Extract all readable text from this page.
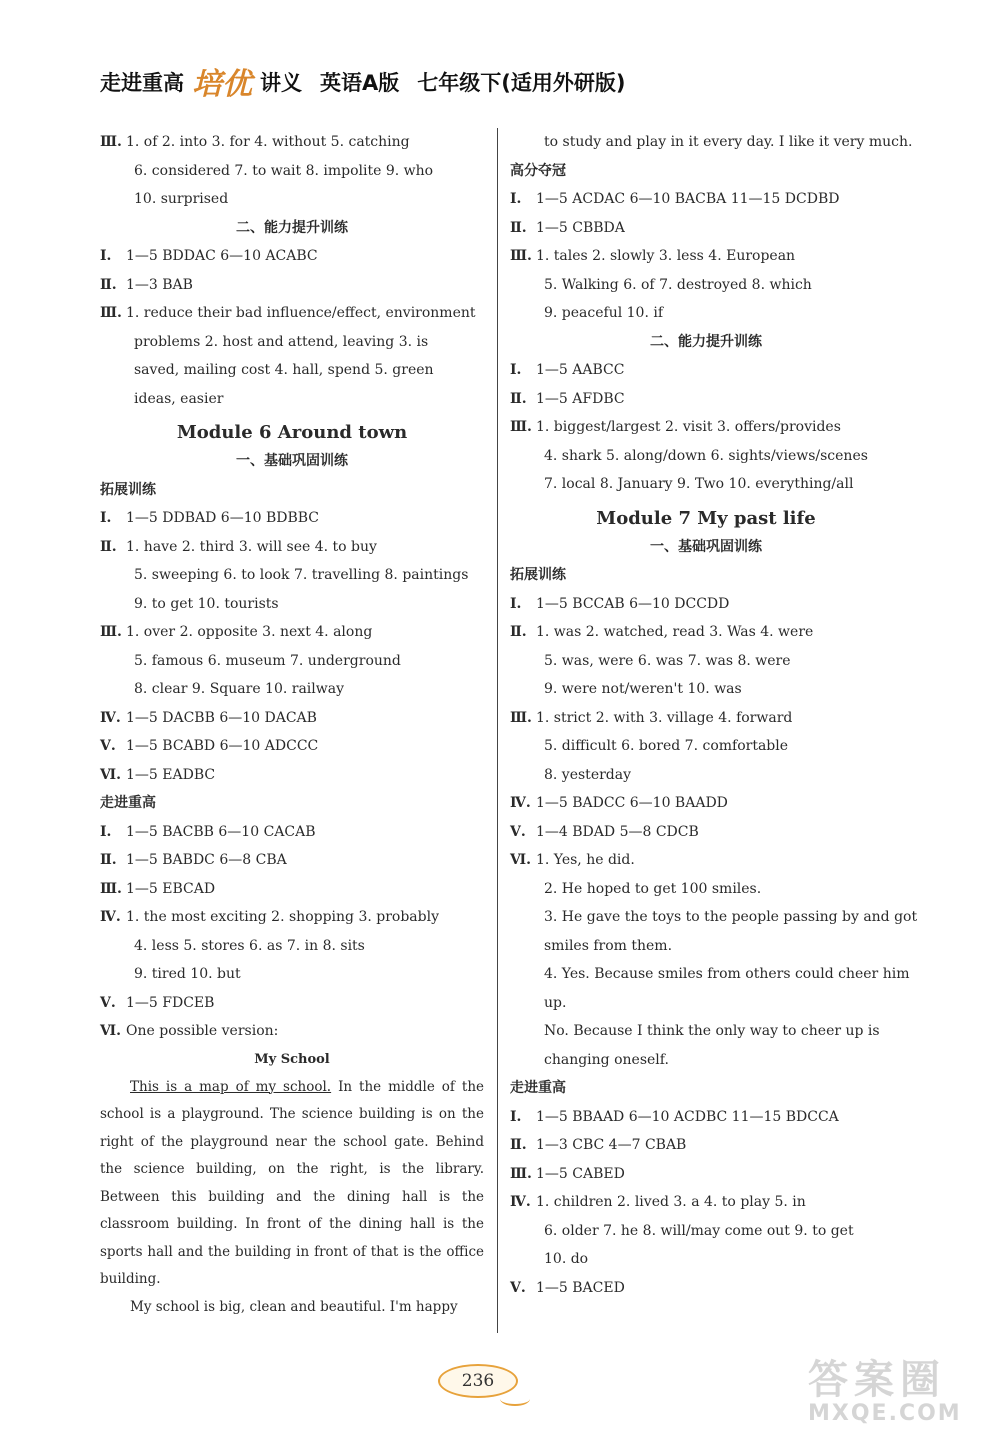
走进重高 培优 讲义 英语A版 七年级下(适用外研版)
Ⅲ. 1. of 2. into 3. for 4. without 5. catching
6. considered 7. to wait 8. impolite 9. who
10. surprised
二、能力提升训练
Ⅰ. 1—5 BDDAC 6—10 ACABC
Ⅱ. 1—3 BAB
Ⅲ. 1. reduce their bad influence/effect, environment
problems 2. host and attend, leaving 3. is
saved, mailing cost 4. hall, spend 5. green
ideas, easier
Module 6 Around town
一、基础巩固训练
拓展训练
Ⅰ. 1—5 DDBAD 6—10 BDBBC
Ⅱ. 1. have 2. third 3. will see 4. to buy
5. sweeping 6. to look 7. travelling 8. paintings
9. to get 10. tourists
Ⅲ. 1. over 2. opposite 3. next 4. along
5. famous 6. museum 7. underground
8. clear 9. Square 10. railway
Ⅳ. 1—5 DACBB 6—10 DACAB
Ⅴ. 1—5 BCABD 6—10 ADCCC
Ⅵ. 1—5 EADBC
走进重高
Ⅰ. 1—5 BACBB 6—10 CACAB
Ⅱ. 1—5 BABDC 6—8 CBA
Ⅲ. 1—5 EBCAD
Ⅳ. 1. the most exciting 2. shopping 3. probably
4. less 5. stores 6. as 7. in 8. sits
9. tired 10. but
Ⅴ. 1—5 FDCEB
Ⅵ. One possible version:
My School
This is a map of my school. In the middle of the school is a playground. The science building is on the right of the playground near the school gate. Behind the science building, on the right, is the library. Between this building and the dining hall is the classroom building. In front of the dining hall is the sports hall and the building in front of that is the office building.
My school is big, clean and beautiful. I'm happy
to study and play in it every day. I like it very much.
高分夺冠
Ⅰ. 1—5 ACDAC 6—10 BACBA 11—15 DCDBD
Ⅱ. 1—5 CBBDA
Ⅲ. 1. tales 2. slowly 3. less 4. European
5. Walking 6. of 7. destroyed 8. which
9. peaceful 10. if
二、能力提升训练
Ⅰ. 1—5 AABCC
Ⅱ. 1—5 AFDBC
Ⅲ. 1. biggest/largest 2. visit 3. offers/provides
4. shark 5. along/down 6. sights/views/scenes
7. local 8. January 9. Two 10. everything/all
Module 7 My past life
一、基础巩固训练
拓展训练
Ⅰ. 1—5 BCCAB 6—10 DCCDD
Ⅱ. 1. was 2. watched, read 3. Was 4. were
5. was, were 6. was 7. was 8. were
9. were not/weren't 10. was
Ⅲ. 1. strict 2. with 3. village 4. forward
5. difficult 6. bored 7. comfortable
8. yesterday
Ⅳ. 1—5 BADCC 6—10 BAADD
Ⅴ. 1—4 BDAD 5—8 CDCB
Ⅵ. 1. Yes, he did.
2. He hoped to get 100 smiles.
3. He gave the toys to the people passing by and got
smiles from them.
4. Yes. Because smiles from others could cheer him
up.
No. Because I think the only way to cheer up is
changing oneself.
走进重高
Ⅰ. 1—5 BBAAD 6—10 ACDBC 11—15 BDCCA
Ⅱ. 1—3 CBC 4—7 CBAB
Ⅲ. 1—5 CABED
Ⅳ. 1. children 2. lived 3. a 4. to play 5. in
6. older 7. he 8. will/may come out 9. to get
10. do
Ⅴ. 1—5 BACED
236	答案圈
MXQE.COM
